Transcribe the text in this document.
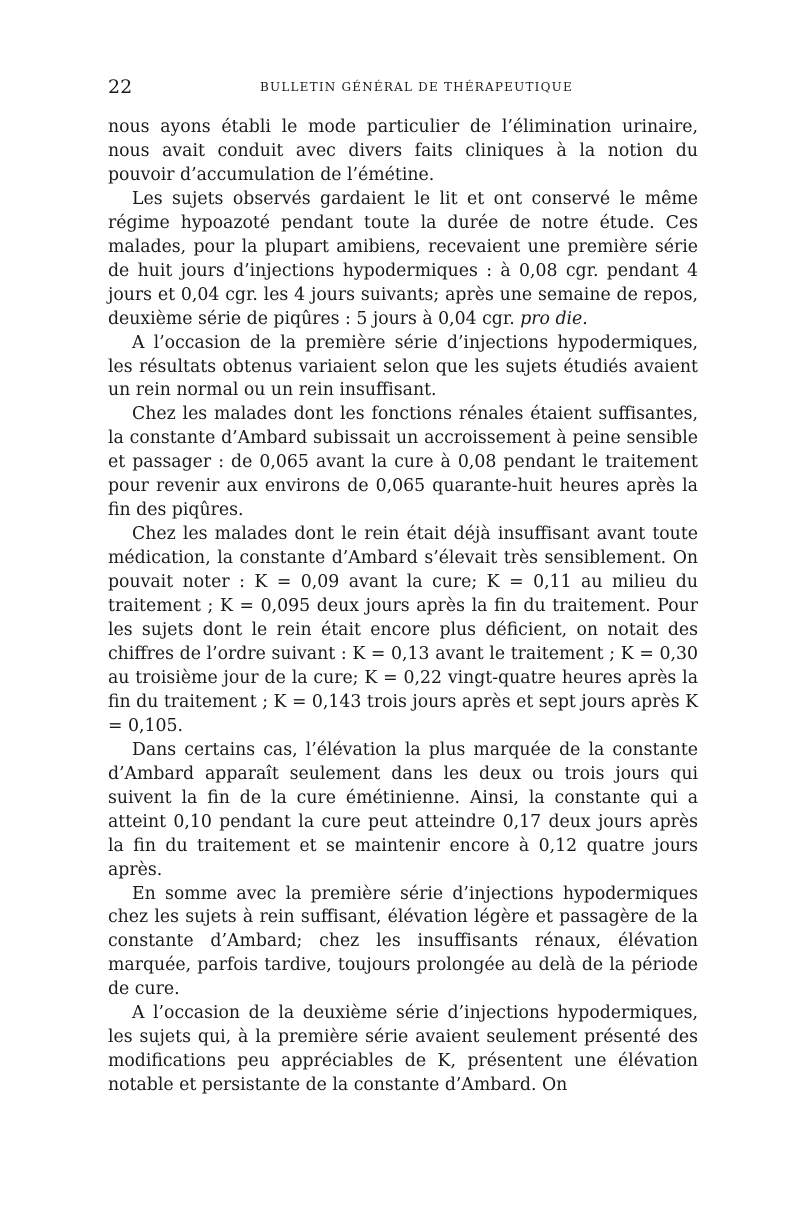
22	BULLETIN GÉNÉRAL DE THÉRAPEUTIQUE

nous ayons établi le mode particulier de l’élimination urinaire, nous avait conduit avec divers faits cliniques à la notion du pouvoir d’accumulation de l’émétine.

Les sujets observés gardaient le lit et ont conservé le même régime hypoazoté pendant toute la durée de notre étude. Ces malades, pour la plupart amibiens, recevaient une première série de huit jours d’injections hypodermiques : à 0,08 cgr. pendant 4 jours et 0,04 cgr. les 4 jours suivants; après une semaine de repos, deuxième série de piqûres : 5 jours à 0,04 cgr. pro die.

A l’occasion de la première série d’injections hypodermiques, les résultats obtenus variaient selon que les sujets étudiés avaient un rein normal ou un rein insuffisant.

Chez les malades dont les fonctions rénales étaient suffisantes, la constante d’Ambard subissait un accroissement à peine sensible et passager : de 0,065 avant la cure à 0,08 pendant le traitement pour revenir aux environs de 0,065 quarante-huit heures après la fin des piqûres.

Chez les malades dont le rein était déjà insuffisant avant toute médication, la constante d’Ambard s’élevait très sensiblement. On pouvait noter : K = 0,09 avant la cure; K = 0,11 au milieu du traitement ; K = 0,095 deux jours après la fin du traitement. Pour les sujets dont le rein était encore plus déficient, on notait des chiffres de l’ordre suivant : K = 0,13 avant le traitement ; K = 0,30 au troisième jour de la cure; K = 0,22 vingt-quatre heures après la fin du traitement ; K = 0,143 trois jours après et sept jours après K = 0,105.

Dans certains cas, l’élévation la plus marquée de la constante d’Ambard apparaît seulement dans les deux ou trois jours qui suivent la fin de la cure émétinienne. Ainsi, la constante qui a atteint 0,10 pendant la cure peut atteindre 0,17 deux jours après la fin du traitement et se maintenir encore à 0,12 quatre jours après.

En somme avec la première série d’injections hypodermiques chez les sujets à rein suffisant, élévation légère et passagère de la constante d’Ambard; chez les insuffisants rénaux, élévation marquée, parfois tardive, toujours prolongée au delà de la période de cure.

A l’occasion de la deuxième série d’injections hypodermiques, les sujets qui, à la première série avaient seulement présenté des modifications peu appréciables de K, présentent une élévation notable et persistante de la constante d’Ambard. On
